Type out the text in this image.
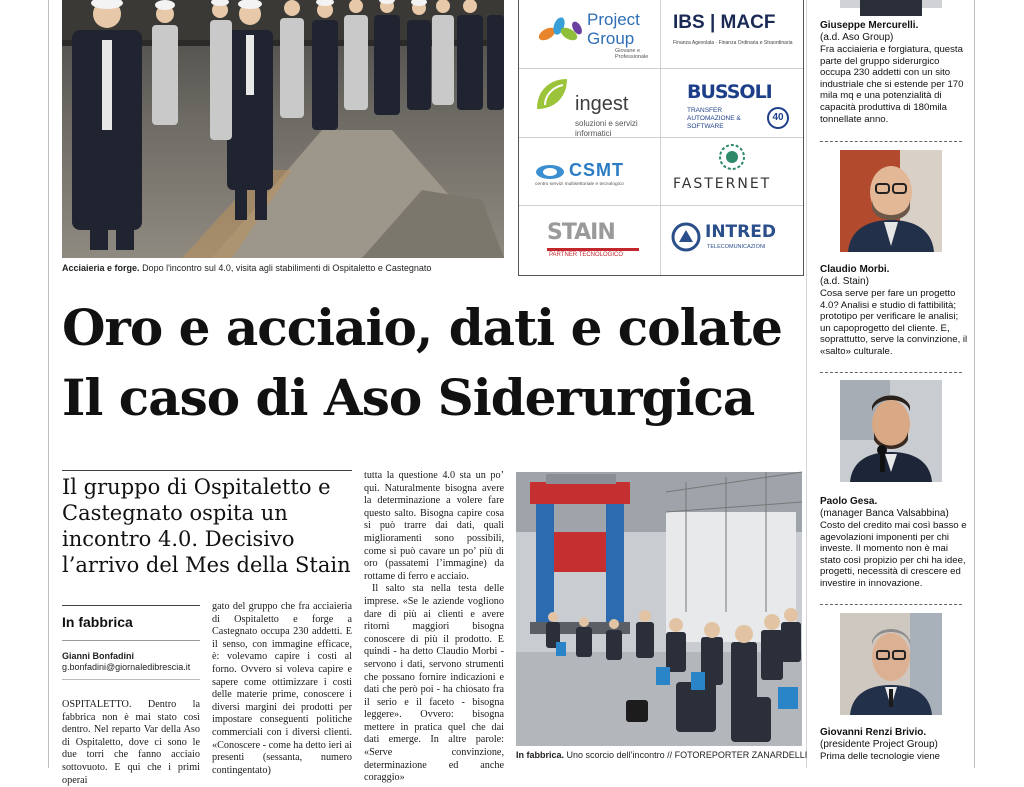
Acciaieria e forge. Dopo l'incontro sul 4.0, visita agli stabilimenti di Ospitaletto e Castegnato
Project Group
Giovane e Professionale
IBS | MACF
Finanza Agevolata · Finanza Ordinaria e Straordinaria
ingest
soluzioni e servizi informatici
BUSSOLI
TRANSFER AUTOMAZIONE & SOFTWARE
40
CSMT
centro servizi multisettoriale e tecnologico	FASTERNET
STAIN
PARTNER TECNOLOGICO
INTRED
TELECOMUNICAZIONI
Oro e acciaio, dati e colate
Il caso di Aso Siderurgica
Il gruppo di Ospitaletto e Castegnato ospita un incontro 4.0. Decisivo l’arrivo del Mes della Stain
In fabbrica
Gianni Bonfadini
g.bonfadini@giornaledibrescia.it

OSPITALETTO. Dentro la fabbrica non è mai stato così dentro. Nel reparto Var della Aso di Ospitaletto, dove ci sono le due torri che fanno acciaio sottovuoto. E qui che i primi operai

gato del gruppo che fra acciaieria di Ospitaletto e forge a Castegnato occupa 230 addetti. E il senso, con immagine efficace, è: volevamo capire i costi al forno. Ovvero si voleva capire e sapere come ottimizzare i costi delle materie prime, conoscere i diversi margini dei prodotti per impostare conseguenti politiche commerciali con i diversi clienti. «Conoscere - come ha detto ieri ai presenti (sessanta, numero contingentato)

tutta la questione 4.0 sta un po’ qui. Naturalmente bisogna avere la determinazione a volere fare questo salto. Bisogna capire cosa si può trarre dai dati, quali miglioramenti sono possibili, come si può cavare un po’ più di oro (passatemi l’immagine) da rottame di ferro e acciaio.

Il salto sta nella testa delle imprese. «Se le aziende vogliono dare di più ai clienti e avere ritorni maggiori bisogna conoscere di più il prodotto. E quindi - ha detto Claudio Morbi - servono i dati, servono strumenti che possano fornire indicazioni e dati che però poi - ha chiosato fra il serio e il faceto - bisogna leggere». Ovvero: bisogna mettere in pratica quel che dai dati emerge. In altre parole: «Serve convinzione, determinazione ed anche coraggio»

In fabbrica. Uno scorcio dell’incontro // FOTOREPORTER ZANARDELLI
Giuseppe Mercurelli.
(a.d. Aso Group)
Fra acciaieria e forgiatura, questa parte del gruppo siderurgico occupa 230 addetti con un sito industriale che si estende per 170 mila mq e una potenzialità di capacità produttiva di 180mila tonnellate anno.
Claudio Morbi.
(a.d. Stain)
Cosa serve per fare un progetto 4.0? Analisi e studio di fattibilità; prototipo per verificare le analisi; un capoprogetto del cliente. E, soprattutto, serve la convinzione, il «salto» culturale.
Paolo Gesa.
(manager Banca Valsabbina)
Costo del credito mai così basso e agevolazioni imponenti per chi investe. Il momento non è mai stato così propizio per chi ha idee, progetti, necessità di crescere ed investire in innovazione.
Giovanni Renzi Brivio.
(presidente Project Group)
Prima delle tecnologie viene
